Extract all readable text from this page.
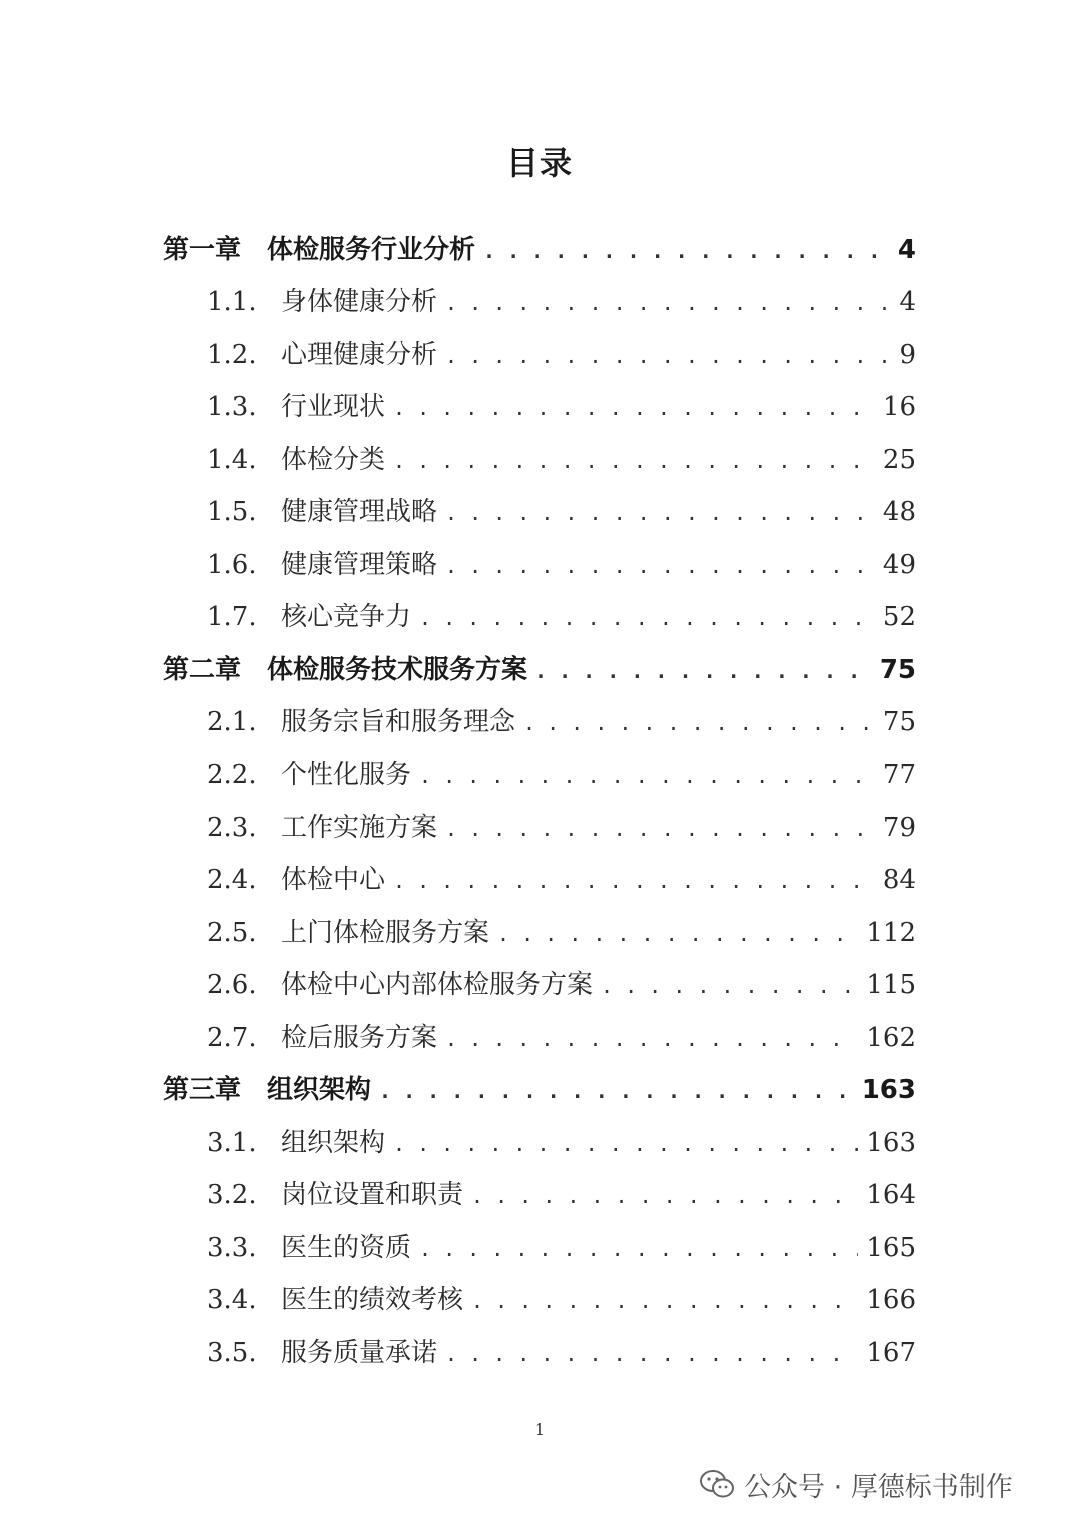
目录
第一章 体检服务行业分析 . . .	4
1.1. 身体健康分析 . . .	4
1.2. 心理健康分析 . . .	9
1.3. 行业现状 . . .	16
1.4. 体检分类 . . .	25
1.5. 健康管理战略 . . .	48
1.6. 健康管理策略 . . .	49
1.7. 核心竞争力 . . .	52
第二章 体检服务技术服务方案 . . .	75
2.1. 服务宗旨和服务理念 . . .	75
2.2. 个性化服务 . . .	77
2.3. 工作实施方案 . . .	79
2.4. 体检中心 . . .	84
2.5. 上门体检服务方案 . . .	112
2.6. 体检中心内部体检服务方案 . . .	115
2.7. 检后服务方案 . . .	162
第三章 组织架构 . . .	163
3.1. 组织架构 . . .	163
3.2. 岗位设置和职责 . . .	164
3.3. 医生的资质 . . .	165
3.4. 医生的绩效考核 . . .	166
3.5. 服务质量承诺 . . .	167
1
公众号 · 厚德标书制作
